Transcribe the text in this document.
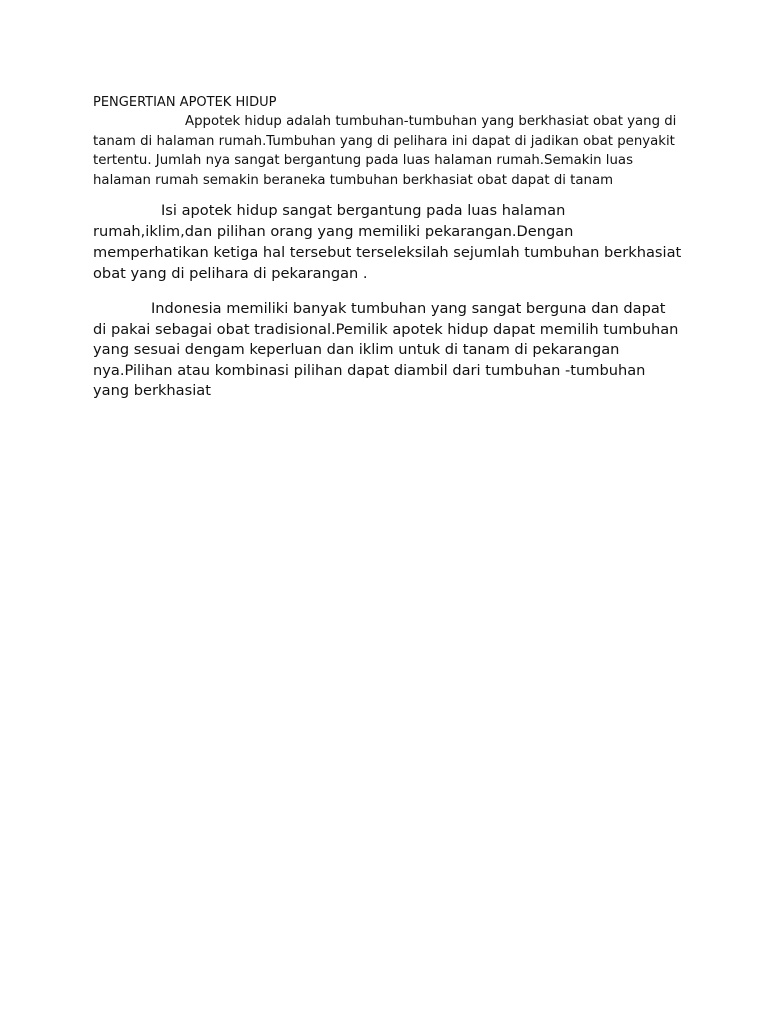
PENGERTIAN APOTEK HIDUP

Appotek hidup adalah tumbuhan-tumbuhan yang berkhasiat obat yang di tanam di halaman rumah.Tumbuhan yang di pelihara ini dapat di jadikan obat penyakit tertentu. Jumlah nya sangat bergantung pada luas halaman rumah.Semakin luas halaman rumah semakin beraneka tumbuhan berkhasiat obat dapat di tanam

Isi apotek hidup sangat bergantung pada luas halaman rumah,iklim,dan pilihan orang yang memiliki pekarangan.Dengan memperhatikan ketiga hal tersebut terseleksilah sejumlah tumbuhan berkhasiat obat yang di pelihara di pekarangan .

Indonesia memiliki banyak tumbuhan yang sangat berguna dan dapat di pakai sebagai obat tradisional.Pemilik apotek hidup dapat memilih tumbuhan yang sesuai dengam keperluan dan iklim untuk di tanam di pekarangan nya.Pilihan atau kombinasi pilihan dapat diambil dari tumbuhan -tumbuhan yang berkhasiat
